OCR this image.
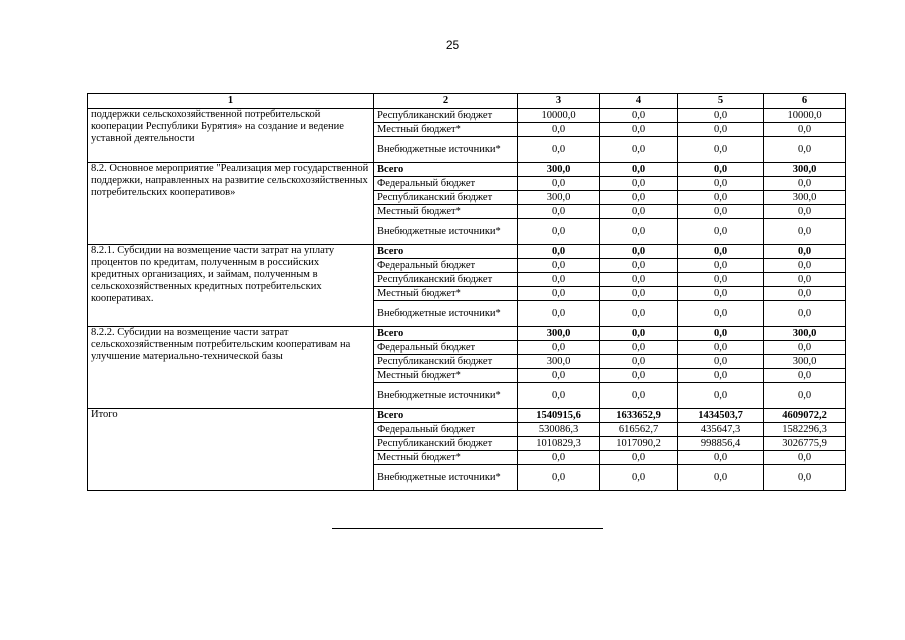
25
1	2	3	4	5	6
поддержки сельскохозяйственной потребительской кооперации Республики Бурятия» на создание и ведение уставной деятельности	Республиканский бюджет	10000,0	0,0	0,0	10000,0
	Местный бюджет*	0,0	0,0	0,0	0,0
	Внебюджетные источники*	0,0	0,0	0,0	0,0
8.2. Основное мероприятие "Реализация мер государственной поддержки, направленных на развитие сельскохозяйственных потребительских кооперативов»	Всего	300,0	0,0	0,0	300,0
	Федеральный бюджет	0,0	0,0	0,0	0,0
	Республиканский бюджет	300,0	0,0	0,0	300,0
	Местный бюджет*	0,0	0,0	0,0	0,0
	Внебюджетные источники*	0,0	0,0	0,0	0,0
8.2.1. Субсидии на возмещение части затрат на уплату процентов по кредитам, полученным в российских кредитных организациях, и займам, полученным в сельскохозяйственных кредитных потребительских кооперативах.	Всего	0,0	0,0	0,0	0,0
	Федеральный бюджет	0,0	0,0	0,0	0,0
	Республиканский бюджет	0,0	0,0	0,0	0,0
	Местный бюджет*	0,0	0,0	0,0	0,0
	Внебюджетные источники*	0,0	0,0	0,0	0,0
8.2.2. Субсидии на возмещение части затрат сельскохозяйственным потребительским кооперативам на улучшение материально-технической базы	Всего	300,0	0,0	0,0	300,0
	Федеральный бюджет	0,0	0,0	0,0	0,0
	Республиканский бюджет	300,0	0,0	0,0	300,0
	Местный бюджет*	0,0	0,0	0,0	0,0
	Внебюджетные источники*	0,0	0,0	0,0	0,0
Итого	Всего	1540915,6	1633652,9	1434503,7	4609072,2
	Федеральный бюджет	530086,3	616562,7	435647,3	1582296,3
	Республиканский бюджет	1010829,3	1017090,2	998856,4	3026775,9
	Местный бюджет*	0,0	0,0	0,0	0,0
	Внебюджетные источники*	0,0	0,0	0,0	0,0
